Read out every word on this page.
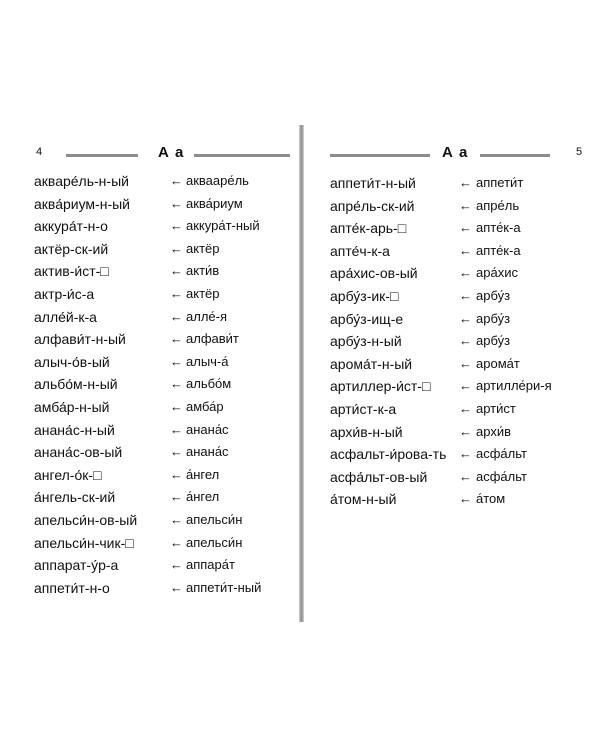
4	А а
акваре́ль-н-ый	← аквааре́ль
аква́риум-н-ый	← аква́риум
аккура́т-н-о	← аккура́т-ный
актёр-ск-ий	← актёр
актив-и́ст-□	← акти́в
актр-и́с-а	← актёр
алле́й-к-а	← алле́-я
алфави́т-н-ый	← алфави́т
алыч-о́в-ый	← алыч-а́
альбо́м-н-ый	← альбо́м
амба́р-н-ый	← амба́р
анана́с-н-ый	← анана́с
анана́с-ов-ый	← анана́с
ангел-о́к-□	← а́нгел
а́нгель-ск-ий	← а́нгел
апельси́н-ов-ый	← апельси́н
апельси́н-чик-□	← апельси́н
аппарат-у́р-а	← аппара́т
аппети́т-н-о	← аппети́т-ный
А а	5
аппети́т-н-ый	← аппети́т
апре́ль-ск-ий	← апре́ль
апте́к-арь-□	← апте́к-а
апте́ч-к-а	← апте́к-а
ара́хис-ов-ый	← ара́хис
арбу́з-ик-□	← арбу́з
арбу́з-ищ-е	← арбу́з
арбу́з-н-ый	← арбу́з
арома́т-н-ый	← арома́т
артиллер-и́ст-□ ← артилле́ри-я
арти́ст-к-а	← арти́ст
архи́в-н-ый	← архи́в
асфальт-и́рова-ть ← асфа́льт
асфа́льт-ов-ый ← асфа́льт
а́том-н-ый	← а́том
